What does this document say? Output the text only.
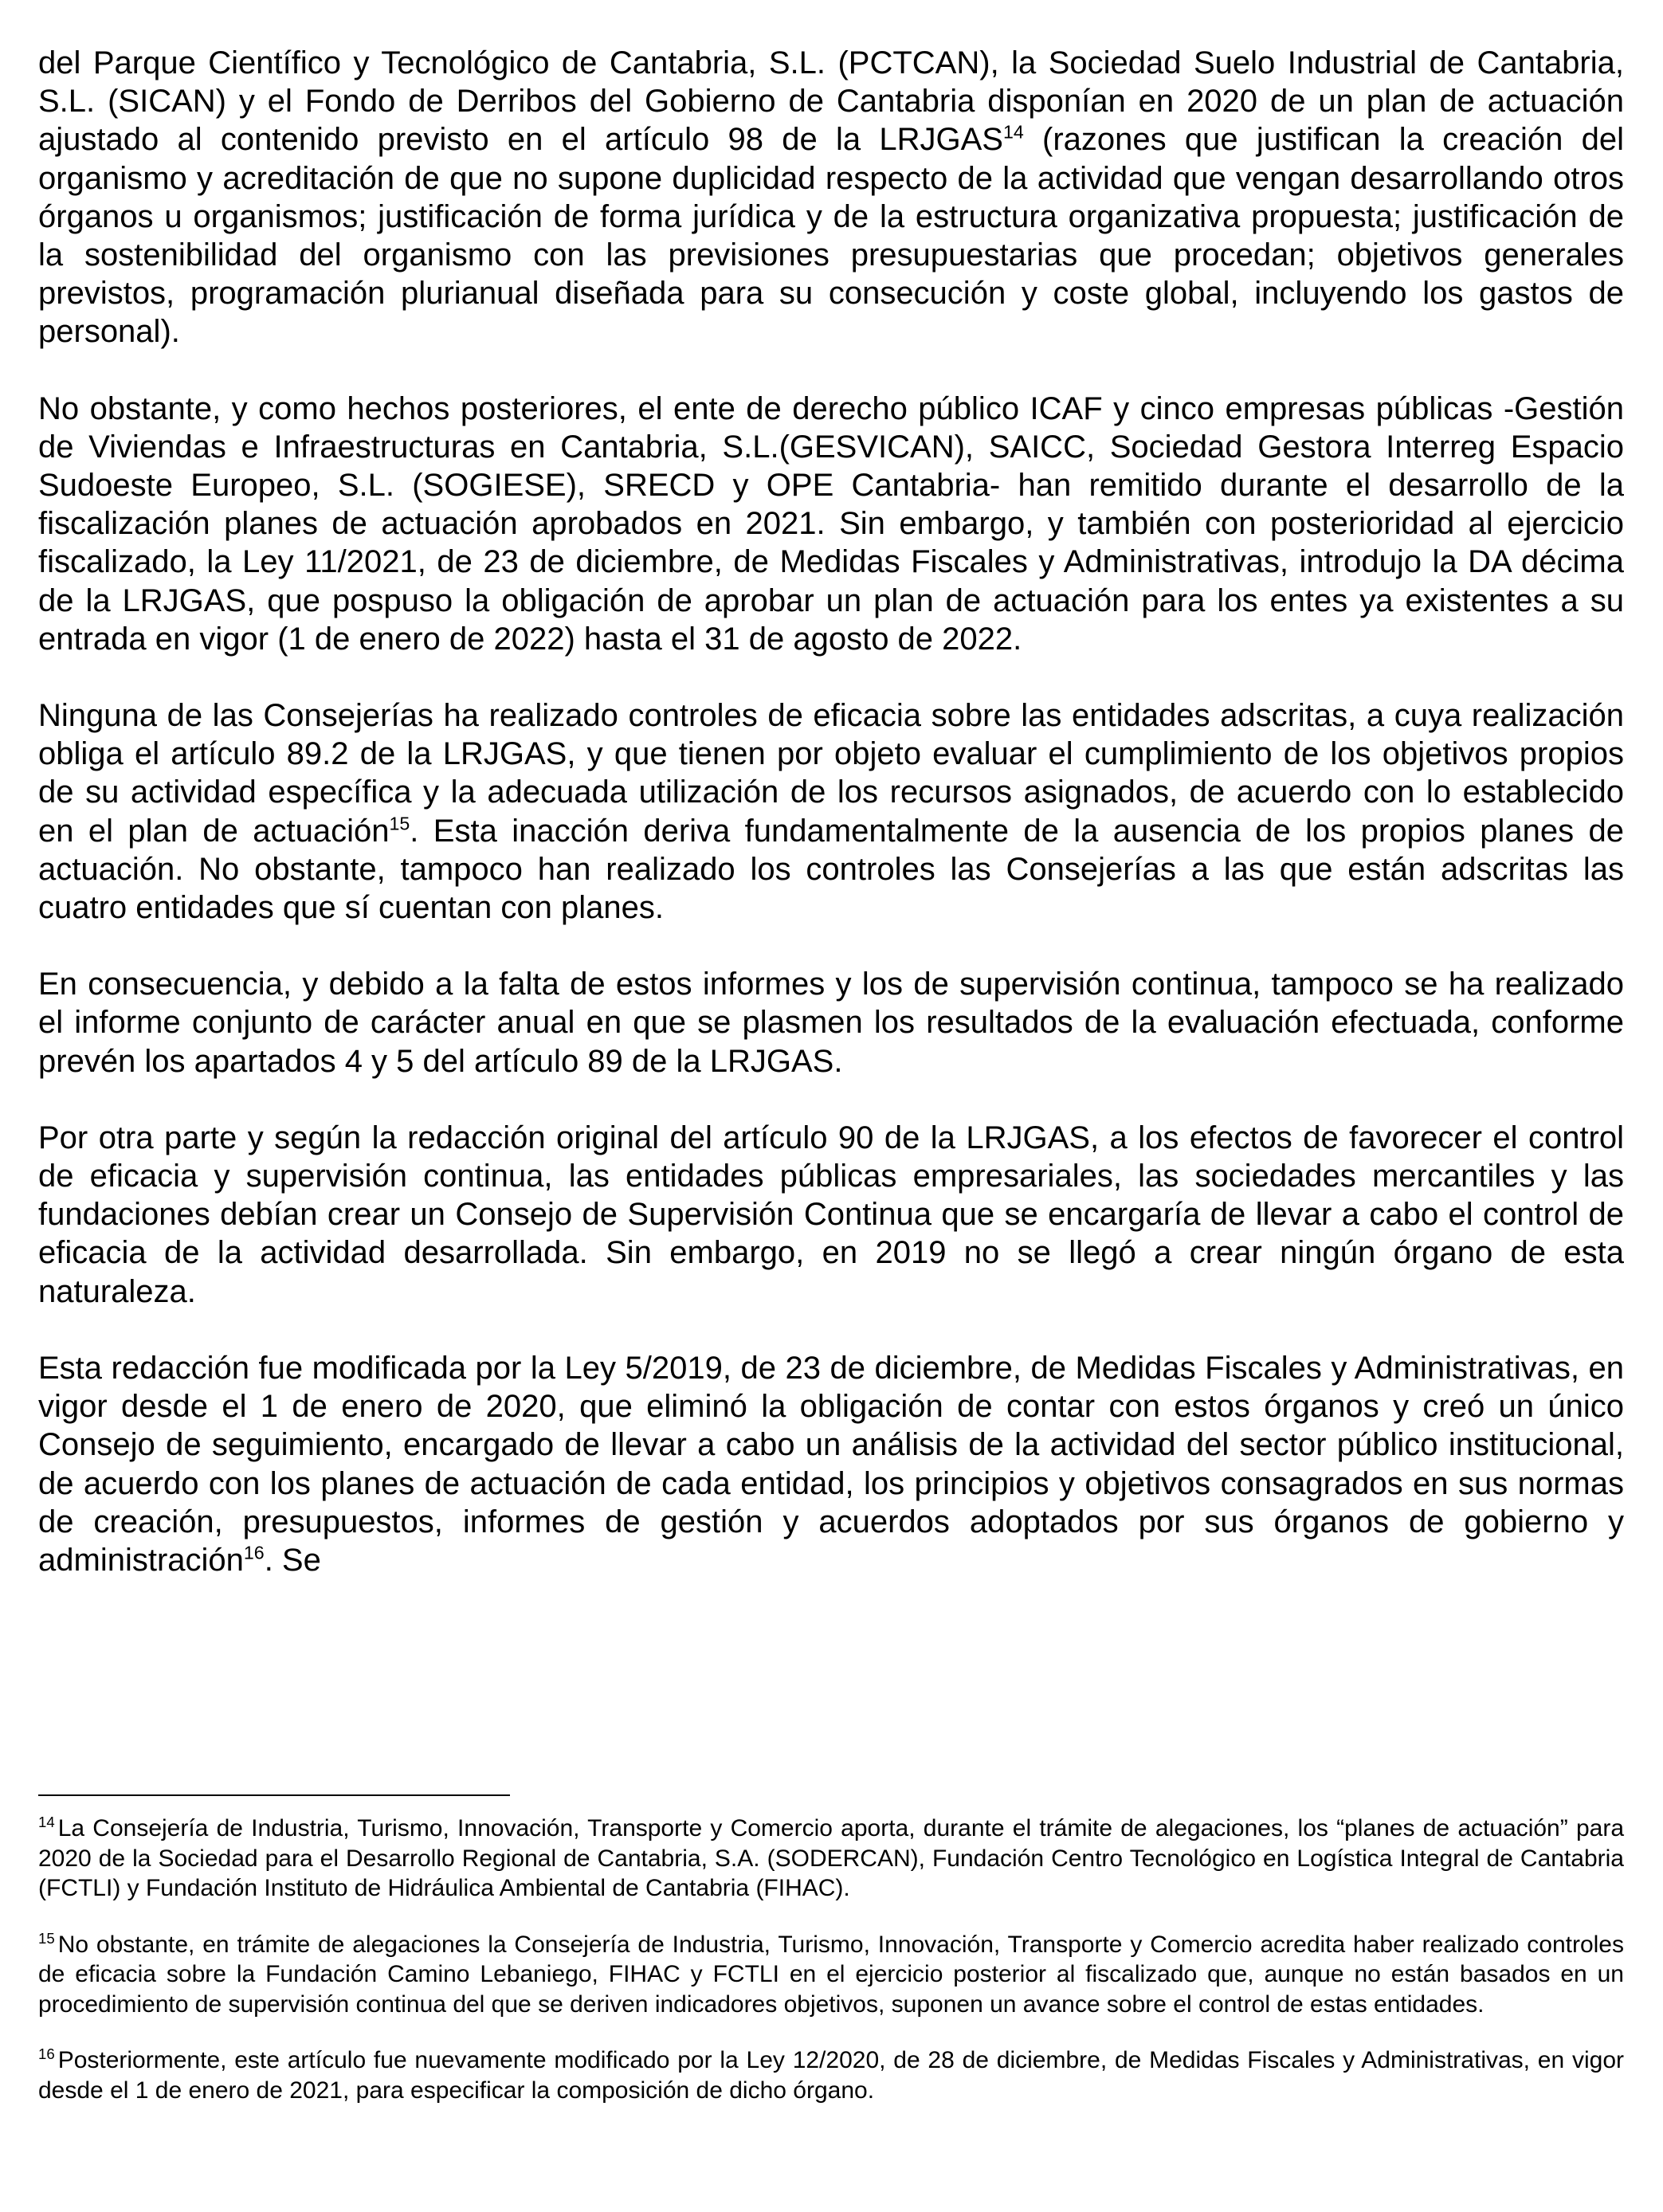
del Parque Científico y Tecnológico de Cantabria, S.L. (PCTCAN), la Sociedad Suelo Industrial de Cantabria, S.L. (SICAN) y el Fondo de Derribos del Gobierno de Cantabria disponían en 2020 de un plan de actuación ajustado al contenido previsto en el artículo 98 de la LRJGAS$^{14}$ (razones que justifican la creación del organismo y acreditación de que no supone duplicidad respecto de la actividad que vengan desarrollando otros órganos u organismos; justificación de forma jurídica y de la estructura organizativa propuesta; justificación de la sostenibilidad del organismo con las previsiones presupuestarias que procedan; objetivos generales previstos, programación plurianual diseñada para su consecución y coste global, incluyendo los gastos de personal).

No obstante, y como hechos posteriores, el ente de derecho público ICAF y cinco empresas públicas -Gestión de Viviendas e Infraestructuras en Cantabria, S.L.(GESVICAN), SAICC, Sociedad Gestora Interreg Espacio Sudoeste Europeo, S.L. (SOGIESE), SRECD y OPE Cantabria- han remitido durante el desarrollo de la fiscalización planes de actuación aprobados en 2021. Sin embargo, y también con posterioridad al ejercicio fiscalizado, la Ley 11/2021, de 23 de diciembre, de Medidas Fiscales y Administrativas, introdujo la DA décima de la LRJGAS, que pospuso la obligación de aprobar un plan de actuación para los entes ya existentes a su entrada en vigor (1 de enero de 2022) hasta el 31 de agosto de 2022.

Ninguna de las Consejerías ha realizado controles de eficacia sobre las entidades adscritas, a cuya realización obliga el artículo 89.2 de la LRJGAS, y que tienen por objeto evaluar el cumplimiento de los objetivos propios de su actividad específica y la adecuada utilización de los recursos asignados, de acuerdo con lo establecido en el plan de actuación$^{15}$. Esta inacción deriva fundamentalmente de la ausencia de los propios planes de actuación. No obstante, tampoco han realizado los controles las Consejerías a las que están adscritas las cuatro entidades que sí cuentan con planes.

En consecuencia, y debido a la falta de estos informes y los de supervisión continua, tampoco se ha realizado el informe conjunto de carácter anual en que se plasmen los resultados de la evaluación efectuada, conforme prevén los apartados 4 y 5 del artículo 89 de la LRJGAS.

Por otra parte y según la redacción original del artículo 90 de la LRJGAS, a los efectos de favorecer el control de eficacia y supervisión continua, las entidades públicas empresariales, las sociedades mercantiles y las fundaciones debían crear un Consejo de Supervisión Continua que se encargaría de llevar a cabo el control de eficacia de la actividad desarrollada. Sin embargo, en 2019 no se llegó a crear ningún órgano de esta naturaleza.

Esta redacción fue modificada por la Ley 5/2019, de 23 de diciembre, de Medidas Fiscales y Administrativas, en vigor desde el 1 de enero de 2020, que eliminó la obligación de contar con estos órganos y creó un único Consejo de seguimiento, encargado de llevar a cabo un análisis de la actividad del sector público institucional, de acuerdo con los planes de actuación de cada entidad, los principios y objetivos consagrados en sus normas de creación, presupuestos, informes de gestión y acuerdos adoptados por sus órganos de gobierno y administración$^{16}$. Se

$^{14}$ La Consejería de Industria, Turismo, Innovación, Transporte y Comercio aporta, durante el trámite de alegaciones, los “planes de actuación” para 2020 de la Sociedad para el Desarrollo Regional de Cantabria, S.A. (SODERCAN), Fundación Centro Tecnológico en Logística Integral de Cantabria (FCTLI) y Fundación Instituto de Hidráulica Ambiental de Cantabria (FIHAC).

$^{15}$ No obstante, en trámite de alegaciones la Consejería de Industria, Turismo, Innovación, Transporte y Comercio acredita haber realizado controles de eficacia sobre la Fundación Camino Lebaniego, FIHAC y FCTLI en el ejercicio posterior al fiscalizado que, aunque no están basados en un procedimiento de supervisión continua del que se deriven indicadores objetivos, suponen un avance sobre el control de estas entidades.

$^{16}$ Posteriormente, este artículo fue nuevamente modificado por la Ley 12/2020, de 28 de diciembre, de Medidas Fiscales y Administrativas, en vigor desde el 1 de enero de 2021, para especificar la composición de dicho órgano.
